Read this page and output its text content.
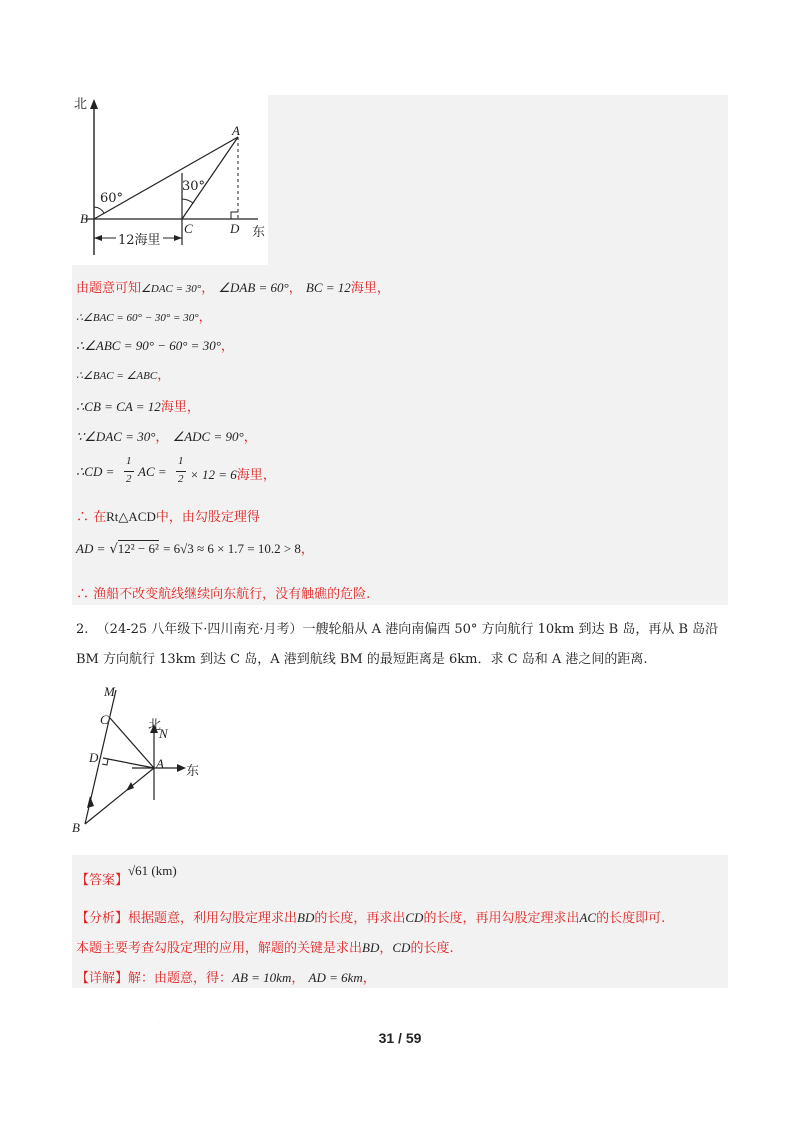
北
A
60°
30°
B
C	D 东
12海里
由题意可知∠DAC = 30°， ∠DAB = 60°， BC = 12海里，
∴∠BAC = 60° − 30° = 30°，
∴∠ABC = 90° − 60° = 30°，
∴∠BAC = ∠ABC，
∴CB = CA = 12海里，
∵∠DAC = 30°， ∠ADC = 90°，
∴CD =
1
2 AC =
1
2 × 12 = 6海里，
∴ 在Rt△ACD中，由勾股定理得
AD = √12² − 6² = 6√3 ≈ 6 × 1.7 = 10.2 > 8，
∴ 渔船不改变航线继续向东航行，没有触礁的危险.
2. （24-25 八年级下·四川南充·月考）一艘轮船从 A 港向南偏西 50° 方向航行 10km 到达 B 岛，再从 B 岛沿
BM 方向航行 13km 到达 C 岛，A 港到航线 BM 的最短距离是 6km．求 C 岛和 A 港之间的距离.
M
C	北
N
D	A
东
B
【答案】√61 (km)
【分析】根据题意，利用勾股定理求出BD的长度，再求出CD的长度，再用勾股定理求出AC的长度即可.
本题主要考查勾股定理的应用，解题的关键是求出BD，CD的长度.
【详解】解：由题意，得：AB = 10km， AD = 6km，
·
31 / 59
